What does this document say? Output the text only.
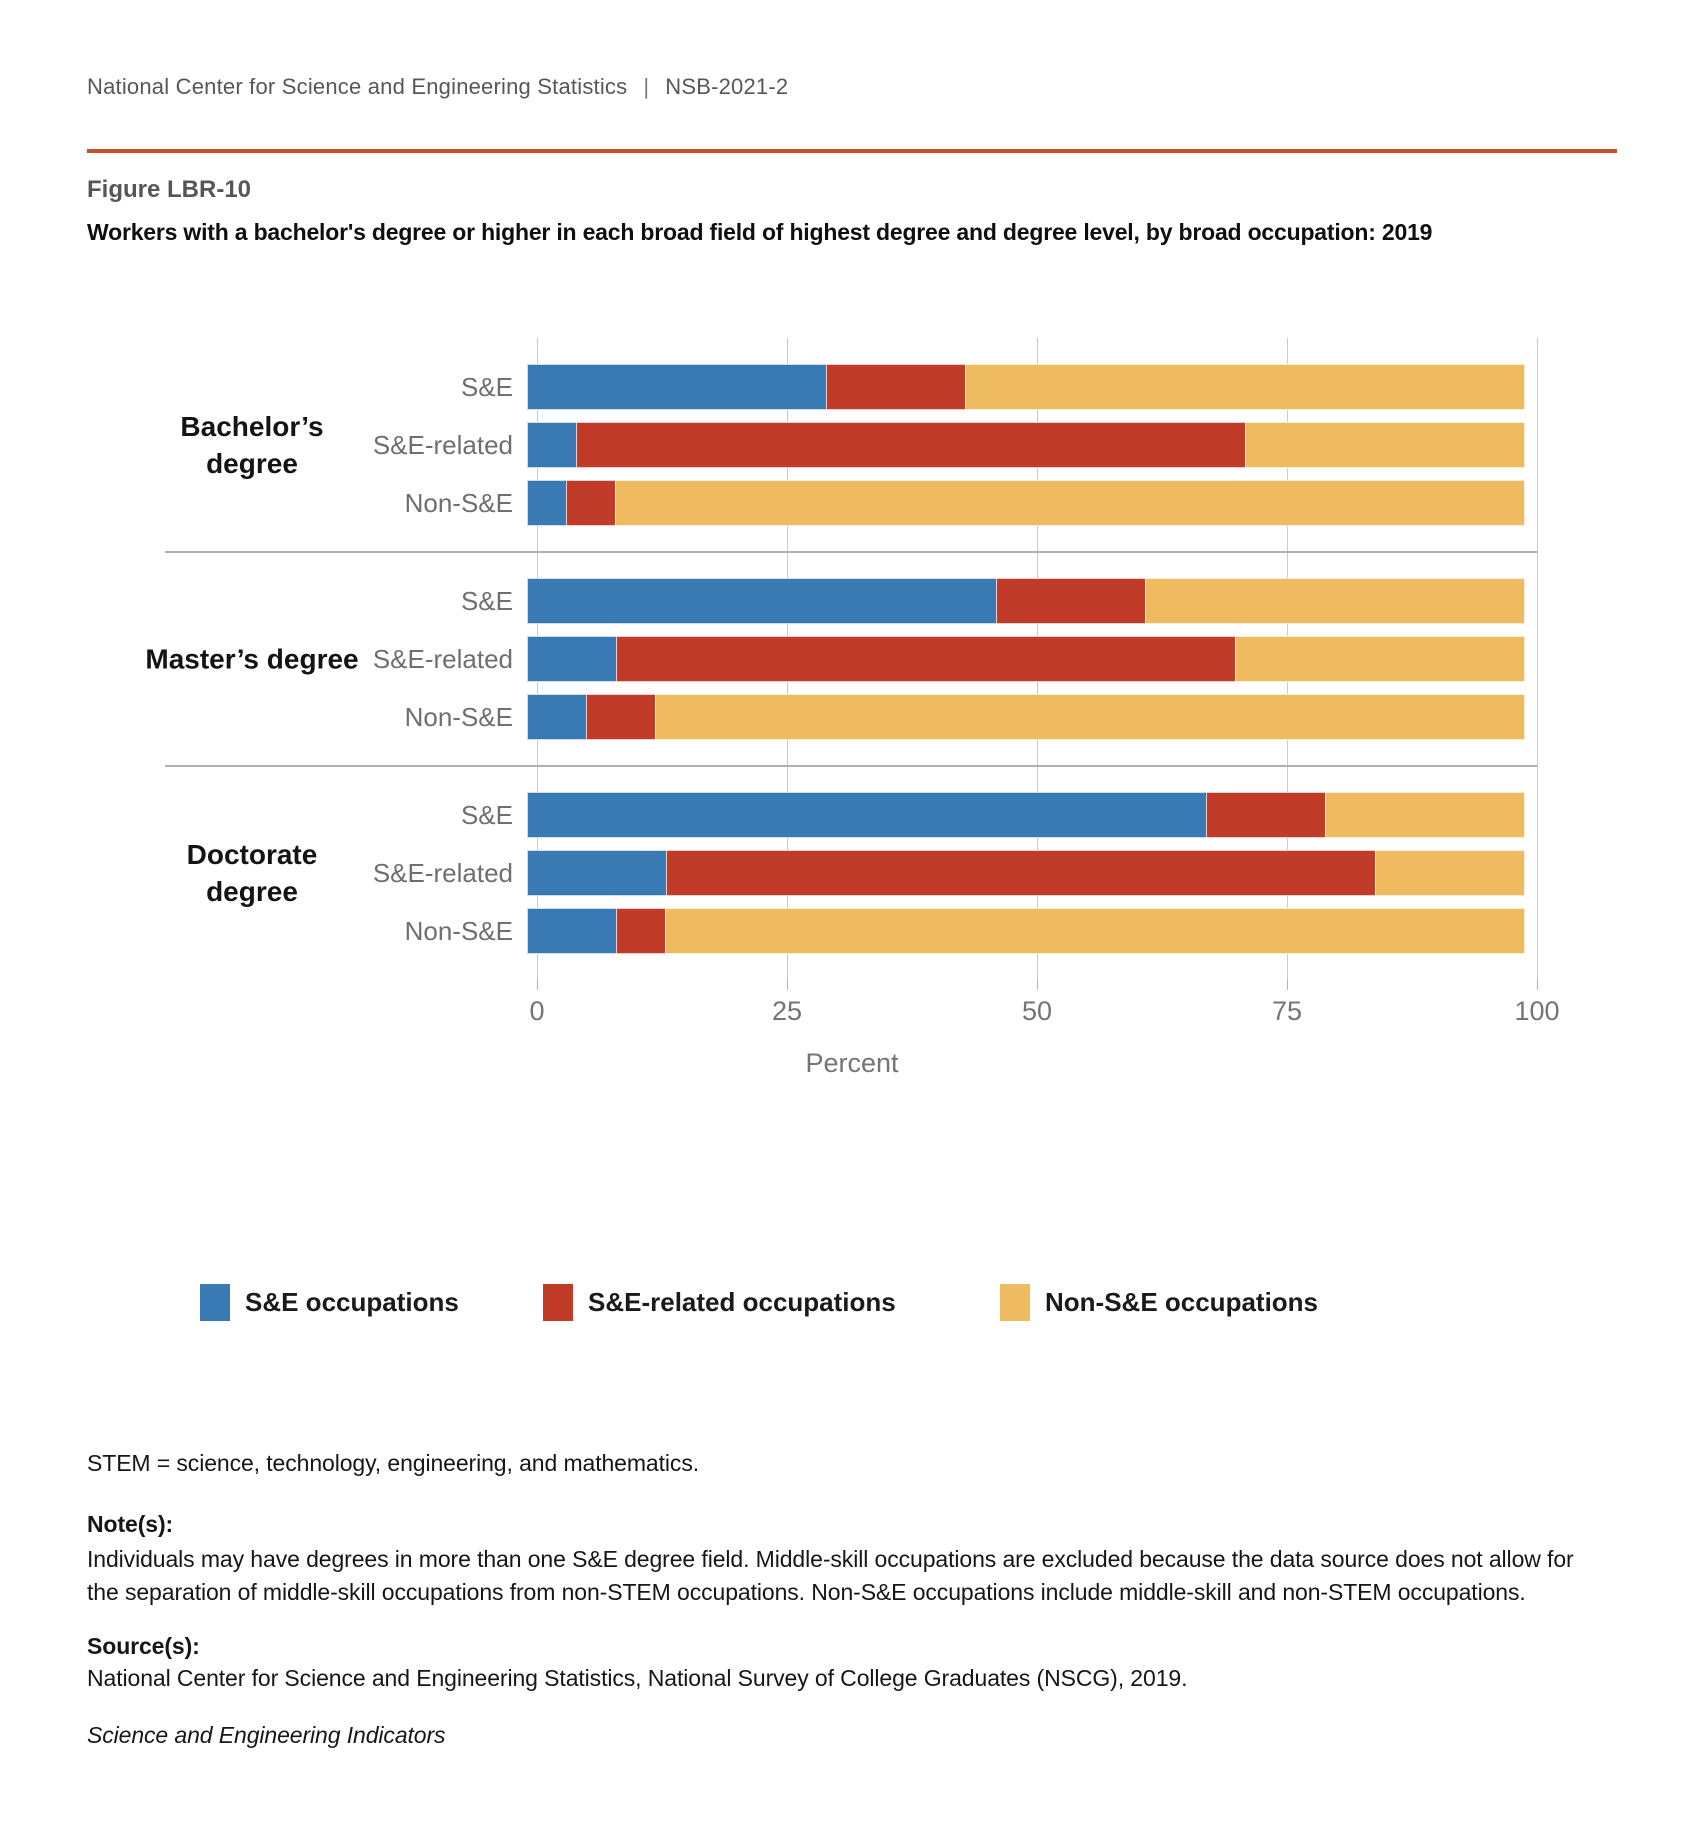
National Center for Science and Engineering Statistics | NSB-2021-2
Figure LBR-10
Workers with a bachelor's degree or higher in each broad field of highest degree and degree level, by broad occupation: 2019
Bachelor’s
degree
S&E
S&E-related
Non-S&E
Master’s degree
S&E
S&E-related
Non-S&E
Doctorate
degree
S&E
S&E-related
Non-S&E
0	25	50	75	100
Percent
S&E occupations	S&E-related occupations	Non-S&E occupations
STEM = science, technology, engineering, and mathematics.
Note(s):
Individuals may have degrees in more than one S&E degree field. Middle-skill occupations are excluded because the data source does not allow for the separation of middle-skill occupations from non-STEM occupations. Non-S&E occupations include middle-skill and non-STEM occupations.
Source(s):
National Center for Science and Engineering Statistics, National Survey of College Graduates (NSCG), 2019.
Science and Engineering Indicators
